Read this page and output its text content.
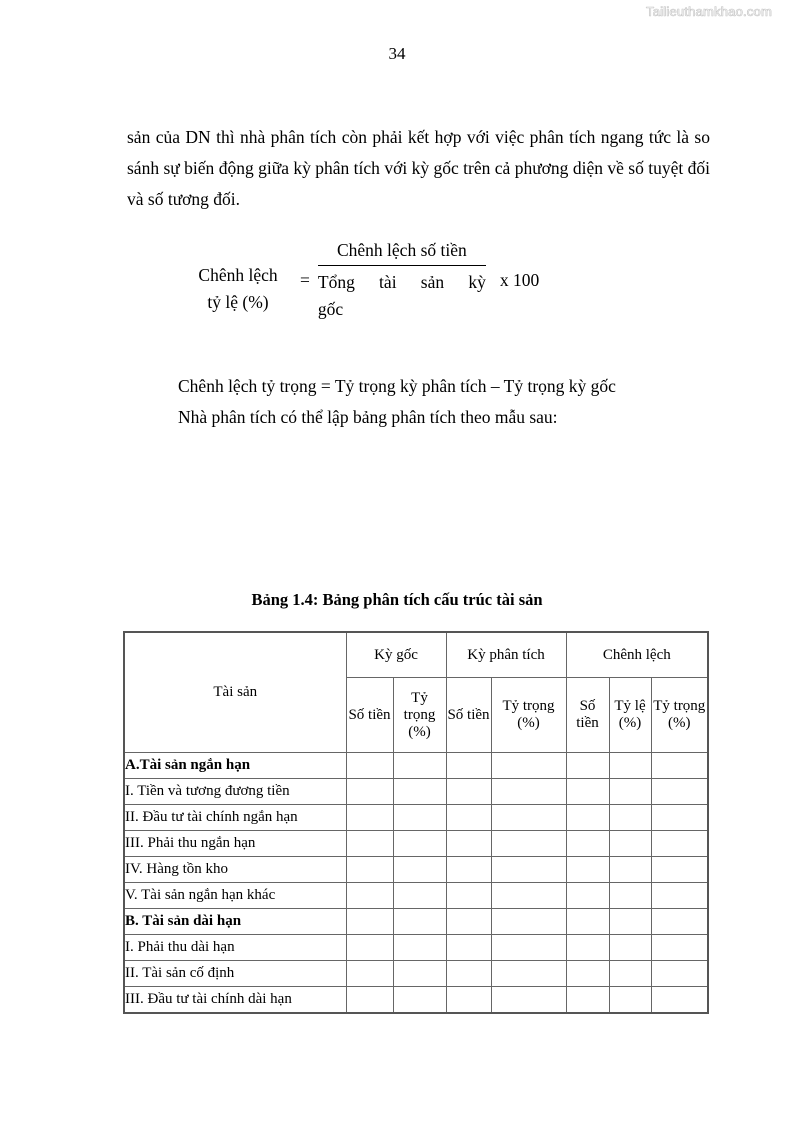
Tailieuthamkhao.com
34

sản của DN thì nhà phân tích còn phải kết hợp với việc phân tích ngang tức là so sánh sự biến động giữa kỳ phân tích với kỳ gốc trên cả phương diện về số tuyệt đối và số tương đối.

Chênh lệch
tỷ lệ (%)
= Chênh lệch số tiền
Tổng tài sản kỳ
gốc x 100
Chênh lệch tỷ trọng = Tỷ trọng kỳ phân tích – Tỷ trọng kỳ gốc
Nhà phân tích có thể lập bảng phân tích theo mẫu sau:
Bảng 1.4: Bảng phân tích cấu trúc tài sản
Tài sản	Kỳ gốc		Kỳ phân tích		Chênh lệch		
	Số tiền	Tỷ trọng (%)	Số tiền	Tỷ trọng (%)	Số tiền	Tỷ lệ (%)	Tỷ trọng (%)
A.Tài sản ngắn hạn							
I. Tiền và tương đương tiền							
II. Đầu tư tài chính ngắn hạn							
III. Phải thu ngắn hạn							
IV. Hàng tồn kho							
V. Tài sản ngắn hạn khác							
B. Tài sản dài hạn							
I. Phải thu dài hạn							
II. Tài sản cố định							
III. Đầu tư tài chính dài hạn							
